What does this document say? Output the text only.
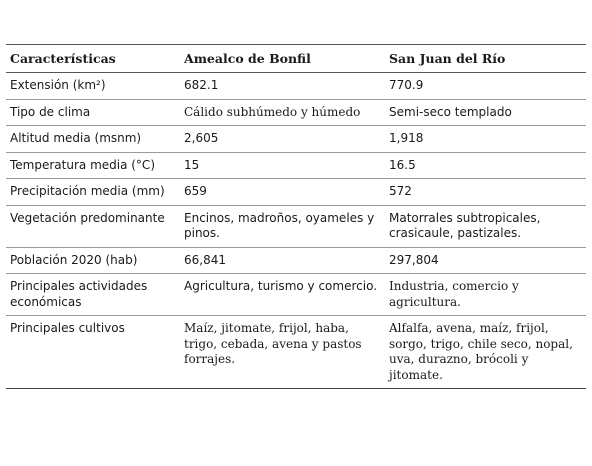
Características	Amealco de Bonfil	San Juan del Río
Extensión (km²)	682.1	770.9
Tipo de clima	Cálido subhúmedo y húmedo	Semi-seco templado
Altitud media (msnm)	2,605	1,918
Temperatura media (°C)	15	16.5
Precipitación media (mm)	659	572
Vegetación predominante	Encinos, madroños, oyameles y pinos.	Matorrales subtropicales, crasicaule, pastizales.
Población 2020 (hab)	66,841	297,804
Principales actividades económicas	Agricultura, turismo y comercio.	Industria, comercio y agricultura.
Principales cultivos	Maíz, jitomate, frijol, haba, trigo, cebada, avena y pastos forrajes.	Alfalfa, avena, maíz, frijol, sorgo, trigo, chile seco, nopal, uva, durazno, brócoli y jitomate.
